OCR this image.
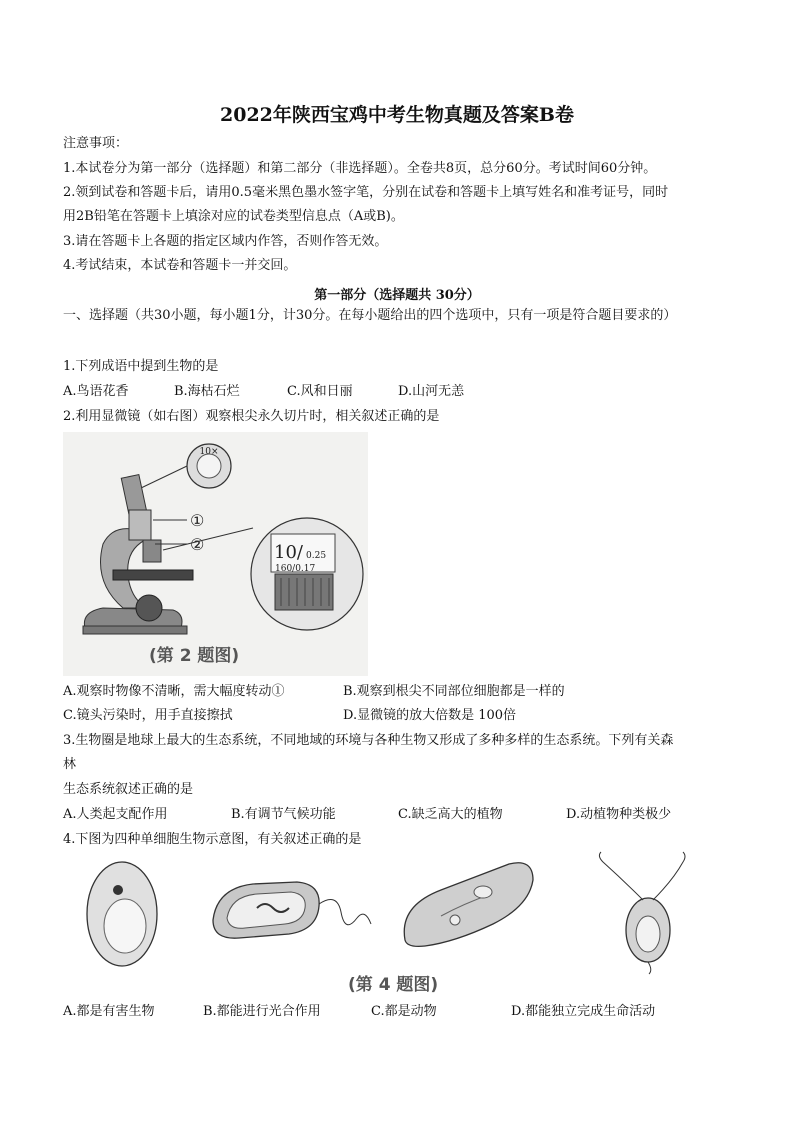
2022年陕西宝鸡中考生物真题及答案B卷
注意事项：
1.本试卷分为第一部分（选择题）和第二部分（非选择题）。全卷共8页，总分60分。考试时间60分钟。
2.领到试卷和答题卡后，请用0.5毫米黑色墨水签字笔，分别在试卷和答题卡上填写姓名和准考证号，同时
用2B铅笔在答题卡上填涂对应的试卷类型信息点（A或B)。
3.请在答题卡上各题的指定区域内作答，否则作答无效。
4.考试结束，本试卷和答题卡一并交回。
第一部分（选择题共 30分）
一、选择题（共30小题，每小题1分，计30分。在每小题给出的四个选项中，只有一项是符合题目要求的）
1.下列成语中提到生物的是
A.鸟语花香	B.海枯石烂	C.风和日丽	D.山河无恙
2.利用显微镜（如右图）观察根尖永久切片时，相关叙述正确的是
10×
①
②	10/ 0.25
160/0.17
(第 2 题图)
A.观察时物像不清晰，需大幅度转动①	B.观察到根尖不同部位细胞都是一样的
C.镜头污染时，用手直接擦拭	D.显微镜的放大倍数是 100倍
3.生物圈是地球上最大的生态系统，不同地域的环境与各种生物又形成了多种多样的生态系统。下列有关森
林
生态系统叙述正确的是
A.人类起支配作用	B.有调节气候功能	C.缺乏高大的植物	D.动植物种类极少
4.下图为四种单细胞生物示意图，有关叙述正确的是
(第 4 题图)
A.都是有害生物	B.都能进行光合作用	C.都是动物	D.都能独立完成生命活动
